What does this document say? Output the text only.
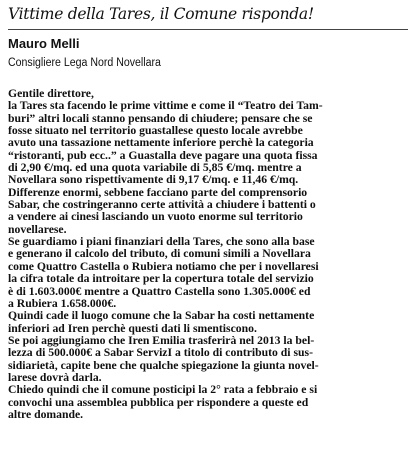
Vittime della Tares, il Comune risponda!
Mauro Melli
Consigliere Lega Nord Novellara
Gentile direttore,
la Tares sta facendo le prime vittime e come il “Teatro dei Tam-
buri” altri locali stanno pensando di chiudere; pensare che se
fosse situato nel territorio guastallese questo locale avrebbe
avuto una tassazione nettamente inferiore perchè la categoria
“ristoranti, pub ecc..” a Guastalla deve pagare una quota fissa
di 2,90 €/mq. ed una quota variabile di 5,85 €/mq. mentre a
Novellara sono rispettivamente di 9,17 €/mq. e 11,46 €/mq.
Differenze enormi, sebbene facciano parte del comprensorio
Sabar, che costringeranno certe attività a chiudere i battenti o
a vendere ai cinesi lasciando un vuoto enorme sul territorio
novellarese.
Se guardiamo i piani finanziari della Tares, che sono alla base
e generano il calcolo del tributo, di comuni simili a Novellara
come Quattro Castella o Rubiera notiamo che per i novellaresi
la cifra totale da introitare per la copertura totale del servizio
è di 1.603.000€ mentre a Quattro Castella sono 1.305.000€ ed
a Rubiera 1.658.000€.
Quindi cade il luogo comune che la Sabar ha costi nettamente
inferiori ad Iren perchè questi dati li smentiscono.
Se poi aggiungiamo che Iren Emilia trasferirà nel 2013 la bel-
lezza di 500.000€ a Sabar ServizI a titolo di contributo di sus-
sidiarietà, capite bene che qualche spiegazione la giunta novel-
larese dovrà darla.
Chiedo quindi che il comune posticipi la 2° rata a febbraio e si
convochi una assemblea pubblica per rispondere a queste ed
altre domande.
